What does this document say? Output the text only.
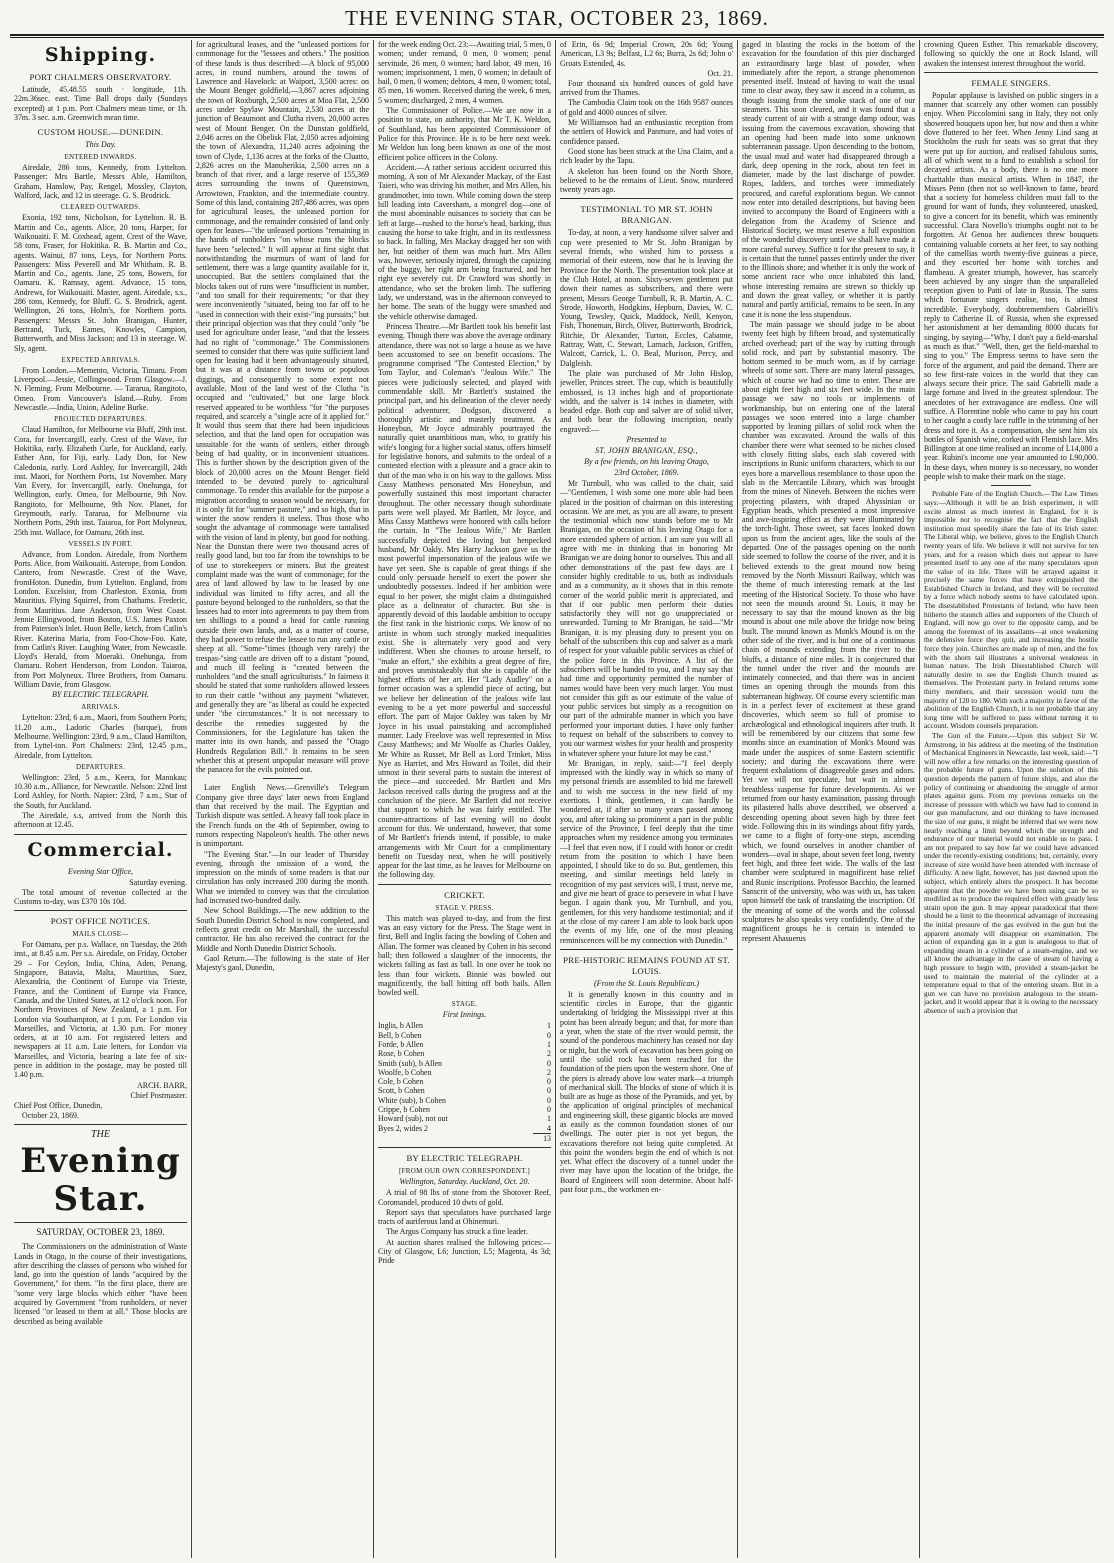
THE EVENING STAR, OCTOBER 23, 1869.
Shipping.
PORT CHALMERS OBSERVATORY.

Latitude, 45.48.55 south · longitude, 11h. 22m.36sec. east. Time Ball drops daily (Sundays excepted) at 1 p.m. Port Chalmers mean time, or 1h. 37m. 3 sec. a.m. Greenwich mean time.

CUSTOM HOUSE.—DUNEDIN.
This Day.
ENTERED INWARDS.

Airedale, 286 tons, Kennedy, from Lyttelton. Passenger: Mrs Bartle, Messrs Able, Hamilton, Graham, Hanslow, Pay, Rengel, Mossley, Clayton, Walford, Jack, and 12 in steerage. G. S. Brodrick.

CLEARED OUTWARDS.

Exonia, 192 tons, Nicholson, for Lyttelton. R. B. Martin and Co., agents. Alice, 20 tons, Harper, for Waikouaiti. F. M. Coxhead, agent. Crest of the Wave, 58 tons, Fraser, for Hokitika. R. B. Martin and Co., agents. Wainui, 87 tons, Leys, for Northern Ports. Passengers: Miss Peverell and Mr Whitham. R. B. Martin and Co., agents. Jane, 25 tons, Bowers, for Oamaru. K. Ramsay, agent. Advance, 15 tons, Andrews, for Waikouaiti. Master, agent. Airedale, s.s., 286 tons, Kennedy, for Bluff. G. S. Brodrick, agent. Wellington, 26 tons, Holm's, for Northern ports. Passengers: Messrs St. John Branigan, Hunter, Bertrand, Tuck, Eames, Knowles, Campion, Butterworth, and Miss Jackson; and 13 in steerage. W. Sly, agent.

EXPECTED ARRIVALS.

From London.—Memento, Victoria, Timaru. From Liverpool.—Jessie, Collingwood. From Glasgow.—J. N. Fleming. From Melbourne. — Tararua, Rangitoto, Omeo. From Vancouver's Island.—Ruby. From Newcastle.—India, Union, Adeline Burke.

PROJECTED DEPARTURES.

Claud Hamilton, for Melbourne via Bluff, 29th inst. Cora, for Invercargill, early. Crest of the Wave, for Hokitika, early. Elizabeth Curle, for Auckland, early. Esther Ann, for Fiji, early. Lady Don, for New Caledonia, early. Lord Ashley, for Invercargill, 24th inst. Maori, for Northern Ports, 1st November. Mary Van Every, for Invercargill, early. Onehunga, for Wellington, early. Omeo, for Melbourne, 9th Nov. Rangitoto, for Melbourne, 9th Nov. Planet, for Greymouth, early. Tararua, for Melbourne via Northern Ports, 29th inst. Taiaroa, for Port Molyneux, 25th inst. Wallace, for Oamaru, 26th inst.

VESSELS IN PORT.

Advance, from London. Airedale, from Northern Ports. Alice, from Waikouaiti. Asterope, from London. Cantero, from Newcastle. Crest of the Wave, fromHoton. Dunedin, from Lyttelton. England, from London. Excelsior, from Charleston. Exonia, from Mauritius. Flying Squirrel, from Chathams. Frederic, from Mauritius. Jane Anderson, from West Coast. Jennie Ellingwood, from Boston, U.S. James Paxton from Paterson's Inlet. Huon Belle, ketch, from Catlin's River. Katerina Maria, from Foo-Chow-Foo. Kate, from Catlin's River. Laughing Water, from Newcastle. Lloyd's Herald, from Moeraki. Onehunga, from Oamaru. Robert Henderson, from London. Taiaroa, from Port Molyneux. Three Brothers, from Oamaru. William Davie, from Glasgow.

BY ELECTRIC TELEGRAPH.
ARRIVALS.

Lyttelton: 23rd, 6 a.m., Maori, from Southern Ports; 11.20 a.m., Ladoric Charles (barque), from Melbourne. Wellington: 23rd, 9 a.m., Claud Hamilton, from Lyttel-ton. Port Chalmers: 23rd, 12.45 p.m., Airedale, from Lyttelton.

DEPARTURES.

Wellington: 23rd, 5 a.m., Keera, for Manukau; 10.30 a.m., Alliance, for Newcastle. Nelson: 22nd Inst Lord Ashley, for North. Napier: 23rd, 7 a.m., Star of the South, for Auckland.

The Airedale, s.s, arrived from the North this afternoon at 12.45.

Commercial.
Evening Star Office,
Saturday evening.

The total amount of revenue collected at the Customs to-day, was £370 10s 10d.

POST OFFICE NOTICES.
MAILS CLOSE—

For Oamaru, per p.s. Wallace, on Tuesday, the 26th inst., at 8.45 a.m. Per s.s. Airedale, on Friday, October 29 – For Ceylon, India, China, Aden, Penang, Singapore, Batavia, Malta, Mauritius, Suez, Alexandria, the Continent of Europe via Trieste, France, and the Continent of Europe via France, Canada, and the United States, at 12 o'clock noon. For Northern Provinces of New Zealand, a 1 p.m. For London via Southampton, at 1 p.m. For London via Marseilles, and Victoria, at 1.30 p.m. For money orders, at at 10 a.m. For registered letters and newspapers at 11 a.m. Late letters, for London via Marseilles, and Victoria, bearing a late fee of six-pence in addition to the postage, may be posted till 1.40 p.m.

ARCH. BARR,
Chief Postmaster.

Chief Post Office, Dunedin,

October 23, 1869.

THE
Evening Star.
SATURDAY, OCTOBER 23, 1869.

The Commissioners on the administration of Waste Lands in Otago, in the course of their investigations, after describing the classes of persons who wished for land, go into the question of lands "acquired by the Government," for them. "In the first place, there are "some very large blocks which either "have been acquired by Government "from runholders, or never licensed "or leased to them at all." Those blocks are described as being available

for agricultural leases, and the "unleased portions for commonage for the "lessees and others." The position of these lands is thus described:—A block of 95,000 acres, in round numbers, around the towns of Lawrence and Havelock: at Waipori, 3,500 acres: on the Mount Benger goldfield,—3,867 acres adjoining the town of Roxburgh, 2,500 acres at Moa Flat, 2,500 acres under Spylaw Mountain, 2,530 acres at the junction of Beaumont and Clutha rivers, 20,000 acres west of Mount Benger. On the Dunstan goldfield, 2,046 acres on the Obelisk Flat, 2,050 acres adjoining the town of Alexandra, 11,240 acres adjoining the town of Clyde, 1,136 acres at the forks of the Cluatto, 2,826 acres on the Manuherikia, 2,500 acres on a branch of that river, and a large reserve of 155,369 acres surrounding the towns of Queenstown, Arrowtown, Frankton, and the intermediate country. Some of this land, containing 287,486 acres, was open for agricultural leases, the unleased portion for commonage, and the remainder consisted of land only open for leases—"the unleased portions "remaining in the hands of runholders "on whose runs the blocks have been "selected." It will appear at first sight that notwithstanding the murmurs of want of land for settlement, there was a large quantity available for it, unoccupied. But the settlers complained that the blocks taken out of runs were "insufficient in number, "and too small for their requirements; "or that they were inconveniently "situated, being too far off to be "used in connection with their exist-"ing pursuits;" but their principal objection was that they could "only "be used for agriculture under lease, "and that the lessees had no right of "commonage." The Commissioners seemed to consider that there was quite sufficient land open for leasing had it been advantageously situated, but it was at a distance from towns or populous diggings, and consequently to some extent not available. Most of the land west of the Clutha "is occupied and "cultivated," but one large block reserved appeared to be worthless "for "the purposes required, and scarcely a "single acre of it applied for." It would thus seem that there had been injudicious selection, and that the land open for occupation was unsuitable for the wants of settlers, either through being of bad quality, or in inconvenient situations. This is further shown by the description given of the block of 20,000 acres on the Mount Benger field intended to be devoted purely to agricultural commonage. To render this available for the purpose a migration according to season would be necessary, for it is only fit for "summer pasture," and so high, that in winter the snow renders it useless. Thus those who sought the advantage of commonage were tantalised with the vision of land in plenty, but good for nothing. Near the Dunstan there were two thousand acres of really good land, but too far from the townships to be of use to storekeepers or miners. But the greatest complaint made was the want of commonage; for the area of land allowed by law to be leased by one individual was limited to fifty acres, and all the pasture beyond belonged to the runholders, so that the lessees had to enter into agreements to pay them from ten shillings to a pound a head for cattle running outside their own lands, and, as a matter of course, they had power to refuse the lessee to run any cattle or sheep at all. "Some-"times (though very rarely) the trespas-"sing cattle are driven off to a distant "pound, and much ill feeling is "created between the runholders "and the small agriculturists." In fairness it should be stated that some runholders allowed lessees to run their cattle "without any payment "whatever, and generally they are "as liberal as could be expected under "the circumstances." It is not necessary to describe the remedies suggested by the Commissioners, for the Legislature has taken the matter into its own hands, and passed the "Otago Hundreds Regulation Bill." It remains to be seen whether this at present unpopular measure will prove the panacea for the evils pointed out.

Later English News.—Grenville's Telegram Company give three days' later news from England than that received by the mail. The Egyptian and Turkish dispute was settled. A heavy fall took place in the French funds on the 4th of September, owing to rumors respecting Napoleon's health. The other news is unimportant.

"The Evening Star."—In our leader of Thursday evening, through the omission of a word, the impression on the minds of some readers is that our circulation has only increased 200 during the month. What we intended to convey was that the circulation had increased two-hundred daily.

New School Buildings.—The new addition to the South Dunedin District School is now completed, and reflects great credit on Mr Marshall, the successful contractor. He has also received the contract for the Middle and North Dunedin District Schools.

Gaol Return.—The following is the state of Her Majesty's gaol, Dunedin,

for the week ending Oct. 23:—Awaiting trial, 5 men, 0 women; under remand, 0 men, 0 women; penal servitude, 26 men, 0 women; hard labor, 49 men, 16 women; imprisonment, 1 men, 0 women; in default of bail, 0 men, 0 women; debtors, 4 men, 0 women; total, 85 men, 16 women. Received during the week, 6 men, 5 women; discharged, 2 men, 4 women.

The Commissioner of Police.—We are now in a position to state, on authority, that Mr T. K. Weldon, of Southland, has been appointed Commissioner of Police for this Province. He is to be here next week. Mr Weldon has long been known as one of the most efficient police officers in the Colony.

Accident.—A rather serious accident occurred this morning. A son of Mr Alexander Mackay, of the East Taieri, who was driving his mother, and Mrs Allen, his grandmother, into town. While coming down the steep hill leading into Caversham, a mongrel dog—one of the most abominable nuisances to society that can be left at large—rushed to the horse's head, barking, thus causing the horse to take fright, and in its restlessness to back. In falling, Mrs Mackay dragged her son with her, but neither of them was much hurt. Mrs Allen was, however, seriously injured, through the capsizing of the buggy, her right arm being fractured, and her right eye severely cut. Dr Crawford was shortly in attendance, who set the broken limb. The suffering lady, we understand, was in the afternoon conveyed to her home. The seats of the buggy were smashed and the vehicle otherwise damaged.

Princess Theatre.—Mr Bartlett took his benefit last evening. Though there was above the average ordinary attendance, there was not so large a house as we have been accustomed to see on benefit occasions. The programme comprised "The Contested Election," by Tom Taylor, and Coleman's "Jealous Wife." The pieces were judiciously selected, and played with commendable skill. Mr Bartlett's sustained the principal part, and his delineation of the clever needy political adventurer, Dodgson, discovered a thoroughly artistic and masterly treatment. As Honeybun, Mr Joyce admirably pourtrayed the naturally quiet unambitious man, who, to gratify his wife's longing for a higher social status, offers himself for legislative honors, and submits to the ordeal of a contested election with a pleasure and a grace akin to that of the man who is on his way to the gallows. Miss Cassy Matthews personated Mrs Honeybun, and powerfully sustained this most important character throughout. The other necessary though subordinate parts were well played. Mr Bartlett, Mr Joyce, and Miss Cassy Matthews were honored with calls before the curtain. In "The Jealous Wife," Mr Bartlett successfully depicted the loving but henpecked husband, Mr Oakly. Mrs Harry Jackson gave us the most powerful impersonation of the jealous wife we have yet seen. She is capable of great things if she could only persuade herself to exert the power she undoubtedly possesses. Indeed if her ambition were equal to her power, she might claim a distinguished place as a delineator of character. But she is apparently devoid of this laudable ambition to occupy the first rank in the histrionic corps. We know of no artiste in whom such strongly marked inequalities exist. She is alternately very good and very indifferent. When she chooses to arouse herself, to "make an effort," she exhibits a great degree of fire, and proves unmistakeably that she is capable of the highest efforts of her art. Her "Lady Audley" on a former occasion was a splendid piece of acting, but we believe her delineation of the jealous wife last evening to be a yet more powerful and successful effort. The part of Major Oakley was taken by Mr Joyce in his usual painstaking and accomplished manner. Lady Freelove was well represented in Miss Cassy Matthews; and Mr Woolfe as Charles Oakley, Mr White as Russet, Mr Bell as Lord Trinket, Miss Nye as Harriet, and Mrs Howard as Toilet, did their utmost in their several parts to sustain the interest of the piece—and succeeded. Mr Bartlett and Mrs Jackson received calls during the progress and at the conclusion of the piece. Mr Bartlett did not receive that support to which he was fairly entitled. The counter-attractions of last evening will no doubt account for this. We understand, however, that some of Mr Bartlett's friends intend, if possible, to make arrangements with Mr Court for a complimentary benefit on Tuesday next, when he will positively appear for the last time, as he leaves for Melbourne on the following day.

CRICKET.
STAGE V. PRESS.

This match was played to-day, and from the first was an easy victory for the Press. The Stage went in first, Bell and Inglis facing the bowling of Cohen and Allan. The former was cleaned by Cohen in his second ball; then followed a slaughter of the innocents, the wickets falling as fast as ball. In one over he took no less than four wickets. Binnie was bowled out magnificently, the ball hitting off both bails. Allen bowled well.

STAGE.
First Innings.
Inglis, b Allen	1
Bell, b Cohen	0
Forde, b Allen	1
Rose, b Cohen	2
Smith (sub), b Allen	0
Woolfe, b Cohen	2
Cole, b Cohen	0
Scott, b Cohen	0
White (sub), b Cohen	0
Crippe, b Cohen	0
Howard (sub), not out	1
Byes 2, wides 2	4
	13
BY ELECTRIC TELEGRAPH.
[FROM OUR OWN CORRESPONDENT.]
Wellington, Saturday. Auckland, Oct. 20.

A trial of 98 lbs of stone from the Shotover Reef, Coromandel, produced 10 dwts of gold.

Report says that speculators have purchased large tracts of auriferous land at Ohinemuri.

The Argus Company has struck a fine leader.

At auction shares realised the following prices:—City of Glasgow, L6; Junction, L5; Magenta, 4s 3d; Pride

of Erin, 6s 9d; Imperial Crown, 20s 6d; Young American, L3 9s; Belfast, L2 6s; Burra, 2s 6d; John o' Groats Extended, 4s.

Oct. 21.

Four thousand six hundred ounces of gold have arrived from the Thames.

The Cambodia Claim took on the 16th 9587 ounces of gold and 4000 ounces of silver.

Mr Williamson had an enthusiastic reception from the settlers of Howick and Panmure, and had votes of confidence passed.

Good stone has been struck at the Una Claim, and a rich leader by the Tapu.

A skeleton has been found on the North Shore, believed to be the remains of Lieut. Snow, murdered twenty years ago.

TESTIMONIAL TO MR ST. JOHN BRANIGAN.

To-day, at noon, a very handsome silver salver and cup were presented to Mr St. John Branigan by several friends, who wished him to possess a memorial of their esteem, now that he is leaving the Province for the North. The presentation took place at the Club Hotel, at noon. Sixty-seven gentlemen put down their names as subscribers, and there were present, Messrs George Turnbull, R. B. Martin, A. C. Strode, Howorth, Hodgkins, Hepburn, Davies, W. C. Young, Tewsley, Quick, Maddock, Neill, Kenyon, Fish, Thoneman, Birch, Oliver, Butterworth, Brodrick, Ritchie, Dr Alexander, Turton, Eccles, Cabanne, Rattray, Watt, C. Stewart, Larnach, Jackson, Griffen, Walcott, Carrick, L. O. Beal, Murison, Percy, and Dalgleish.

The plate was purchased of Mr John Hislop, jeweller, Princes street. The cup, which is beautifully embossed, is 13 inches high and of proportionate width, and the salver is 14 inches in diameter, with beaded edge. Both cup and salver are of solid silver, and both bear the following inscription, neatly engraved:—

Presented to
ST. JOHN BRANIGAN, ESQ.,
By a few friends, on his leaving Otago,
23rd October, 1869.

Mr Turnbull, who was called to the chair, said—"Gentlemen, I wish some one more able had been placed in the position of chairman on this interesting occasion. We are met, as you are all aware, to present the testimonial which now stands before me to Mr Branigan, on the occasion of his leaving Otago for a more extended sphere of action. I am sure you will all agree with me in thinking that in honoring Mr Branigan we are doing honor to ourselves. This and all other demonstrations of the past few days are I consider highly creditable to us, both as individuals and as a community, as it shows that in this remote corner of the world public merit is appreciated, and that if our public men perform their duties satisfactorily they will not go unappreciated or unrewarded. Turning to Mr Branigan, he said—"Mr Branigan, it is my pleasing duty to present you on behalf of the subscribers this cup and salver as a mark of respect for your valuable public services as chief of the police force in this Province. A list of the subscribers will be handed to you, and I may say that had time and opportunity permitted the number of names would have been very much larger. You must not consider this gift as our estimate of the value of your public services but simply as a recognition on our part of the admirable manner in which you have performed your important duties. I have only further to request on behalf of the subscribers to convey to you our warmest wishes for your health and prosperity in whatever sphere your future lot may be cast."

Mr Branigan, in reply, said:—"I feel deeply impressed with the kindly way in which so many of my personal friends are assembled to bid me farewell and to wish me success in the new field of my exertions. I think, gentlemen, it can hardly be wondered at, if after so many years passed among you, and after taking so prominent a part in the public service of the Province, I feel deeply that the time approaches when my residence among you terminates—I feel that even now, if I could with honor or credit return from the position to which I have been appointed, I should like to do so. But, gentlemen, this meeting, and similar meetings held lately in recognition of my past services will, I trust, nerve me, and give me heart of grace to persevere in what I have begun. I again thank you, Mr Turnbull, and you, gentlemen, for this very handsome testimonial; and if at the close of my career I am able to look back upon the events of my life, one of the most pleasing reminiscences will be my connection with Dunedin."

PRE-HISTORIC REMAINS FOUND AT ST. LOUIS.
(From the St. Louis Republican.)

It is generally known in this country and in scientific circles in Europe, that the gigantic undertaking of bridging the Mississippi river at this point has been already begun; and that, for more than a year, when the state of the river would permit, the sound of the ponderous machinery has ceased nor day or night, but the work of excavation has been going on until the solid rock has been reached for the foundation of the piers upon the western shore. One of the piers is already above low water mark—a triumph of mechanical skill. The blocks of stone of which it is built are as huge as those of the Pyramids, and yet, by the application of original principles of mechanical and engineering skill, these gigantic blocks are moved as easily as the common foundation stones of our dwellings. The outer pier is not yet begun, the excavations therefore not being quite completed. At this point the wonders begin the end of which is not yet. What effect the discovery of a tunnel under the river may have upon the location of the bridge, the Board of Engineers will soon determine. About half-past four p.m., the workmen en-

gaged in blasting the rocks in the bottom of the excavation for the foundation of this pier discharged an extraordinary large blast of powder, when immediately after the report, a strange phenomenon presented itself. Instead of having to wait the usual time to clear away, they saw it ascend in a column, as though issuing from the smoke stack of one of our steamers. This soon cleared, and it was found that a steady current of air with a strange damp odour, was issuing from the cavernous excavation, showing that an opening had been made into some unknown subterranean passage. Upon descending to the bottom, the usual mud and water had disappeared through a dark, deep opening in the rock, about ten feet in diameter, made by the last discharge of powder. Ropes, ladders, and torches were immediately procured, and careful explorations begun. We cannot now enter into detailed descriptions, but having been invited to accompany the Board of Engineers with a delegation from the Academy of Science and Historical Society, we must reserve a full exposition of the wonderful discovery until we shall have made a more careful survey. Suffice it for the present to say, it is certain that the tunnel passes entirely under the river to the Illinois shore; and whether it is only the work of some ancient race who once inhabited this land, whose interesting remains are strewn so thickly up and down the great valley, or whether it is partly natural and partly artificial, remains to be seen. In any case it is none the less stupendous.

The main passage we should judge to be about twenty feet high by fifteen broad, and systematically arched overhead; part of the way by cutting through solid rock, and part by substantial masonry. The bottom seemed to be much worn, as if by carriage wheels of some sort. There are many lateral passages, which of course we had no time to enter. These are about eight feet high and six feet wide. In the main passage we saw no tools or implements of workmanship, but on entering one of the lateral passages we soon entered into a large chamber supported by leaning pillars of solid rock when the chamber was excavated. Around the walls of this chamber there were what seemed to be niches closed with closely fitting slabs, each slab covered with inscriptions in Runic uniform characters, which to our eyes bore a marvellous resemblance to those upon the slab in the Mercantile Library, which was brought from the mines of Nineveh. Between the niches were projecting pilasters, with draped Abyssinian or Egyptian heads, which presented a most impressive and awe-inspiring effect as they were illuminated by the torch-light. Those sweet, sat faces looked down upon us from the ancient ages, like the souls of the departed. One of the passages opening on the north side seemed to follow the course of the river, and it is believed extends to the great mound now being removed by the North Missouri Railway, which was the theme of much interesting remark at the last meeting of the Historical Society. To those who have not seen the mounds around St. Louis, it may be necessary to say that the mound known as the big mound is about one mile above the bridge now being built. The mound known as Monk's Mound is on the other side of the river, and is but one of a continuous chain of mounds extending from the river to the bluffs, a distance of nine miles. It is conjectured that the tunnel under the river and the mounds are intimately connected, and that there was in ancient times an opening through the mounds from this subterranean highway. Of course every scientific man is in a perfect fever of excitement at these grand discoveries, which seem so full of promise to archæological and ethnological inquirers after truth. It will be remembered by our citizens that some few months since an examination of Monk's Mound was made under the auspices of some Eastern scientific society; and during the excavations there were frequent exhalations of disagreeable gases and odors. Yet we will not speculate, but wait in almost breathless suspense for future developments. As we returned from our hasty examination, passing through its pilastered halls above described, we observed a descending opening about seven high by three feet wide. Following this in its windings about fifty yards, we came to a flight of forty-one steps, ascending which, we found ourselves in another chamber of wonders—oval in shape, about seven feet long, twenty feet high, and three feet wide. The walls of the last chamber were sculptured in magnificent base relief and Runic inscriptions. Professor Bacchio, the learned Sanscrit of the university, who was with us, has taken upon himself the task of translating the inscription. Of the meaning of some of the words and the colossal sculptures he also speaks very confidently. One of the magnificent groups he is certain is intended to represent Ahasuerus

crowning Queen Esther. This remarkable discovery, following so quickly the one at Rock Island, will awaken the intensest interest throughout the world.

FEMALE SINGERS.

Popular applause is lavished on public singers in a manner that scarcely any other women can possibly enjoy. When Piccolomini sang in Italy, they not only showered bouquets upon her, but now and then a white dove fluttered to her feet. When Jenny Lind sang at Stockholm the rush for seats was so great that they were put up for auction, and realised fabulous sums, all of which went to a fund to establish a school for decayed artists. As a body, there is no one more charitable than musical artists. When in 1847, the Misses Penn (then not so well-known to fame, heard that a society for homeless children must fall to the ground for want of funds, they volunteered, unasked, to give a concert for its benefit, which was eminently successful. Clara Novello's triumphs ought not to be forgotten. At Genoa her audiences threw bouquets containing valuable cornets at her feet, to say nothing of the camellias worth twenty-five guineas a piece, and they escorted her home with torches and flambeau. A greater triumph, however, has scarcely been achieved by any singer than the unparalleled reception given to Patti of late in Russia. The sums which fortunate singers realise, too, is almost incredible. Everybody, doubtremembers Gabrielli's reply to Catherine II. of Russia, when she expressed her astonishment at her demanding 8000 ducats for singing, by saying—"Why, I don't pay a field-marshal as much as that." "Well, then, get the field-marshal to sing to you." The Empress seems to have seen the force of the argument, and paid the demand. There are so few first-rate voices in the world that they can always secure their price. The said Gabrielli made a large fortune and lived in the greatest splendour. The anecdotes of her extravagance are endless. One will suffice. A Florentine noble who came to pay his court to her caught a costly lace ruffle in the trimming of her dress and tore it. As a compensation, she sent him six bottles of Spanish wine, corked with Flemish lace. Mrs Billington at one time realised an income of L14,000 a year. Rubini's income one year amounted to L90,000. In these days, when money is so necessary, no wonder people wish to make their mark on the stage.

Probable Fate of the English Church.—The Law Times says:—Although it will be an Irish experiment, it will excite almost as much interest in England, for it is impossible not to recognise the fact that the English institution must speedily share the fate of its Irish sister. The Liberal whip, we believe, gives to the English Church twenty years of life. We believe it will not survive for ten years, and for a reason which does not appear to have presented itself to any one of the many speculators upon the value of its life. There will be arrayed against it precisely the same forces that have extinguished the Established Church in Ireland, and they will be recruited by a force which nobody seems to have calculated upon. The disestablished Protestants of Ireland, who have been hitherto the staunch allies and supporters of the Church of England, will now go over to the opposite camp, and be among the foremost of its assailants—at once weakening the defensive force they quit, and increasing the hostile force they join. Churches are made up of men, and the fox with the shorn tail illustrates a universal weakness in human nature. The Irish Disestablished Church will naturally desire to see the English Church treated as themselves. The Protestant party in Ireland returns some thirty members, and their secession would turn the majority of 120 to 180. With such a majority in favor of the abolition of the English Church, it is not probable that any long time will be suffered to pass without turning it to account. Wisdom counsels preparation.

The Gun of the Future.—Upon this subject Sir W. Armstrong, in his address at the meeting of the Institution of Mechanical Engineers in Newcastle, last week, said:—"I will now offer a few remarks on the interesting question of the probable future of guns. Upon the solution of this question depends the pattern of future ships, and also the policy of continuing or abandoning the struggle of armor plates against guns. From my previous remarks on the increase of pressure with which we have had to contend in our gun manufacture, and our thinking to have increased the size of our guns, it might be inferred that we were now nearly reaching a limit beyond which the strength and endurance of our material would not enable us to pass. I am not prepared to say how far we could have advanced under the recently-existing conditions; but, certainly, every increase of size would have been attended with increase of difficulty. A new light, however, has just dawned upon the subject, which entirely alters the prospect. It has become apparent that the powder we have been using can be so modified as to produce the required effect with greatly less strain upon the gun. It may appear paradoxical that there should be a limit to the theoretical advantage of increasing the initial pressure of the gas evolved in the gun but the apparent anomaly will disappear on examination. The action of expanding gas in a gun is analogous to that of expanding steam in a cylinder of a steam-engine, and we all know the advantage in the case of steam of having a high pressure to begin with, provided a steam-jacket be used to maintain the material of the cylinder at a temperature equal to that of the entering steam. But in a gun we can have no provision analogous to the steam-jacket, and it would appear that it is owing to the necessary absence of such a provision that
